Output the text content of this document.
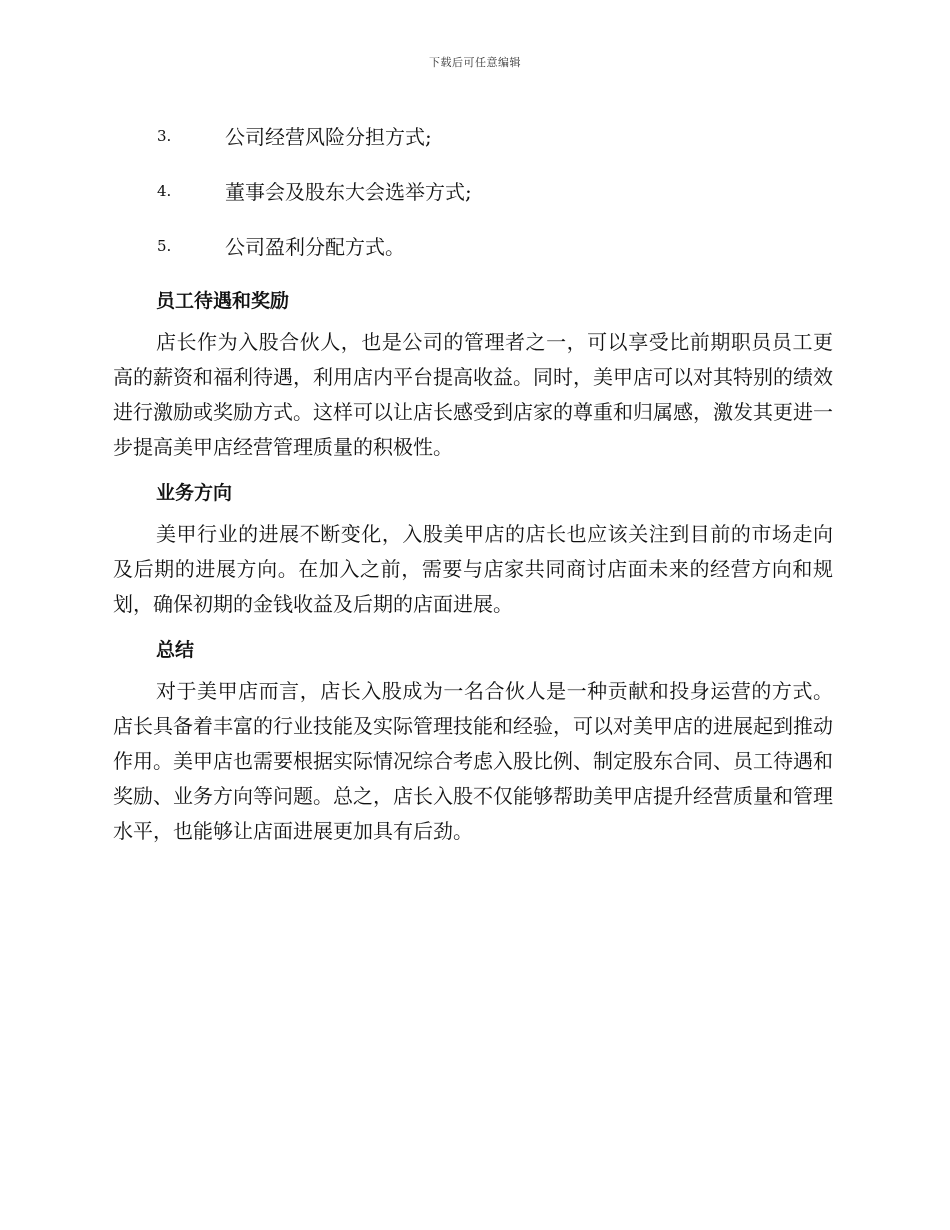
下载后可任意编辑
3.	公司经营风险分担方式;
4.	董事会及股东大会选举方式;
5.	公司盈利分配方式。
员工待遇和奖励

店长作为入股合伙人，也是公司的管理者之一，可以享受比前期职员员工更高的薪资和福利待遇，利用店内平台提高收益。同时，美甲店可以对其特别的绩效进行激励或奖励方式。这样可以让店长感受到店家的尊重和归属感，激发其更进一步提高美甲店经营管理质量的积极性。

业务方向

美甲行业的进展不断变化，入股美甲店的店长也应该关注到目前的市场走向及后期的进展方向。在加入之前，需要与店家共同商讨店面未来的经营方向和规划，确保初期的金钱收益及后期的店面进展。

总结

对于美甲店而言，店长入股成为一名合伙人是一种贡献和投身运营的方式。店长具备着丰富的行业技能及实际管理技能和经验，可以对美甲店的进展起到推动作用。美甲店也需要根据实际情况综合考虑入股比例、制定股东合同、员工待遇和奖励、业务方向等问题。总之，店长入股不仅能够帮助美甲店提升经营质量和管理水平，也能够让店面进展更加具有后劲。
